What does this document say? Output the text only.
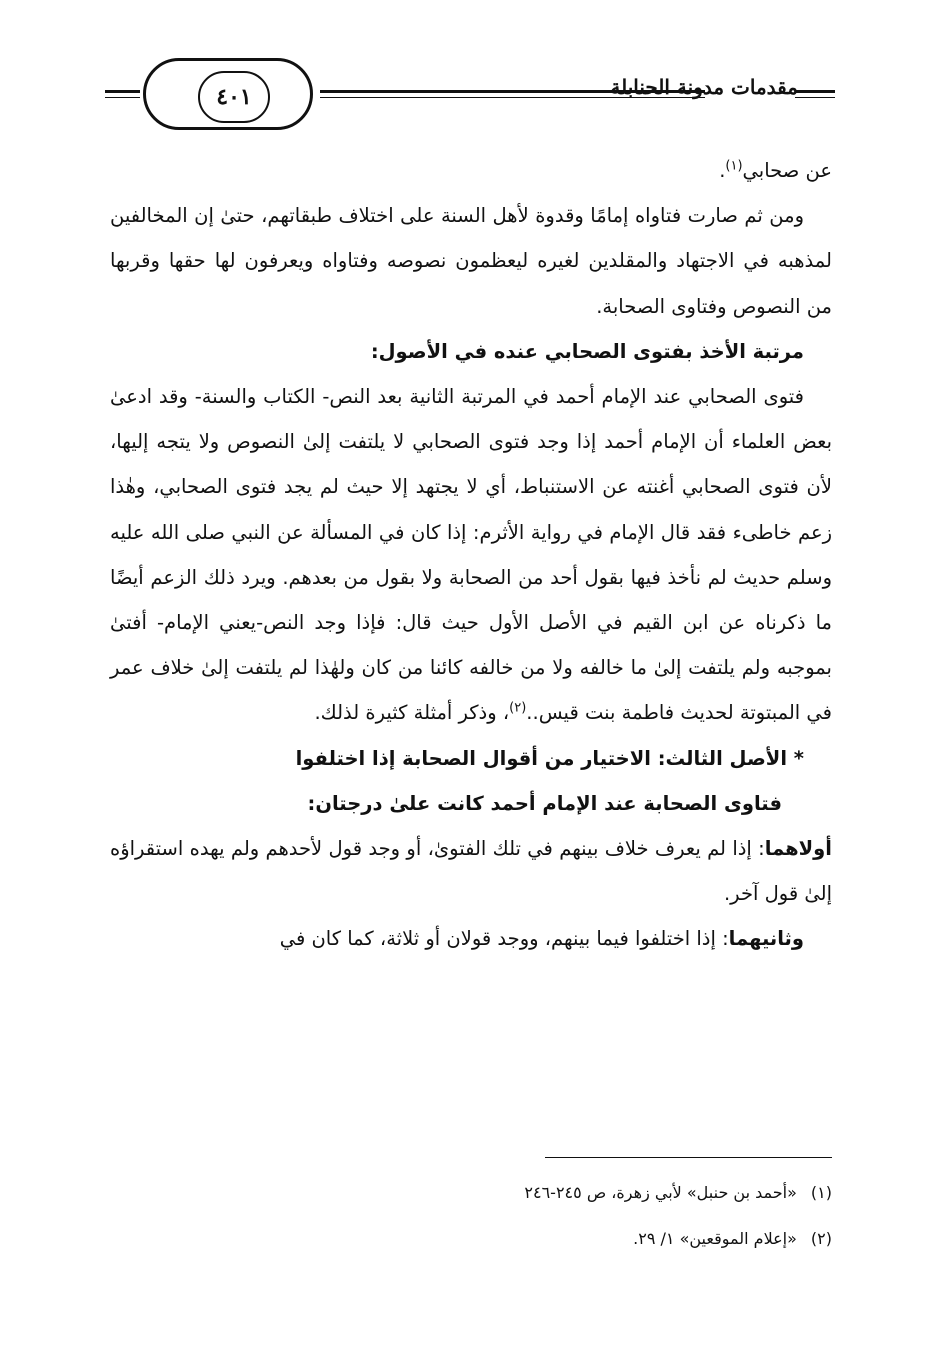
٤٠١	مقدمات مدونة الحنابلة

عن صحابي$^{(١)}$.

ومن ثم صارت فتاواه إمامًا وقدوة لأهل السنة على اختلاف طبقاتهم، حتىٰ إن المخالفين لمذهبه في الاجتهاد والمقلدين لغيره ليعظمون نصوصه وفتاواه ويعرفون لها حقها وقربها من النصوص وفتاوى الصحابة.

مرتبة الأخذ بفتوى الصحابي عنده في الأصول:

فتوى الصحابي عند الإمام أحمد في المرتبة الثانية بعد النص- الكتاب والسنة- وقد ادعىٰ بعض العلماء أن الإمام أحمد إذا وجد فتوى الصحابي لا يلتفت إلىٰ النصوص ولا يتجه إليها، لأن فتوى الصحابي أغنته عن الاستنباط، أي لا يجتهد إلا حيث لم يجد فتوى الصحابي، وهٰذا زعم خاطىء فقد قال الإمام في رواية الأثرم: إذا كان في المسألة عن النبي صلى الله عليه وسلم حديث لم نأخذ فيها بقول أحد من الصحابة ولا بقول من بعدهم. ويرد ذلك الزعم أيضًا ما ذكرناه عن ابن القيم في الأصل الأول حيث قال: فإذا وجد النص-يعني الإمام- أفتىٰ بموجبه ولم يلتفت إلىٰ ما خالفه ولا من خالفه كائنا من كان ولهٰذا لم يلتفت إلىٰ خلاف عمر في المبتوتة لحديث فاطمة بنت قيس..$^{(٢)}$، وذكر أمثلة كثيرة لذلك.

* الأصل الثالث: الاختيار من أقوال الصحابة إذا اختلفوا

فتاوى الصحابة عند الإمام أحمد كانت علىٰ درجتان:

أولاهما: إذا لم يعرف خلاف بينهم في تلك الفتوىٰ، أو وجد قول لأحدهم ولم يهده استقراؤه إلىٰ قول آخر.

وثانيهما: إذا اختلفوا فيما بينهم، ووجد قولان أو ثلاثة، كما كان في

(١)«أحمد بن حنبل» لأبي زهرة، ص ٢٤٥-٢٤٦

(٢)«إعلام الموقعين» ١/ ٢٩.
